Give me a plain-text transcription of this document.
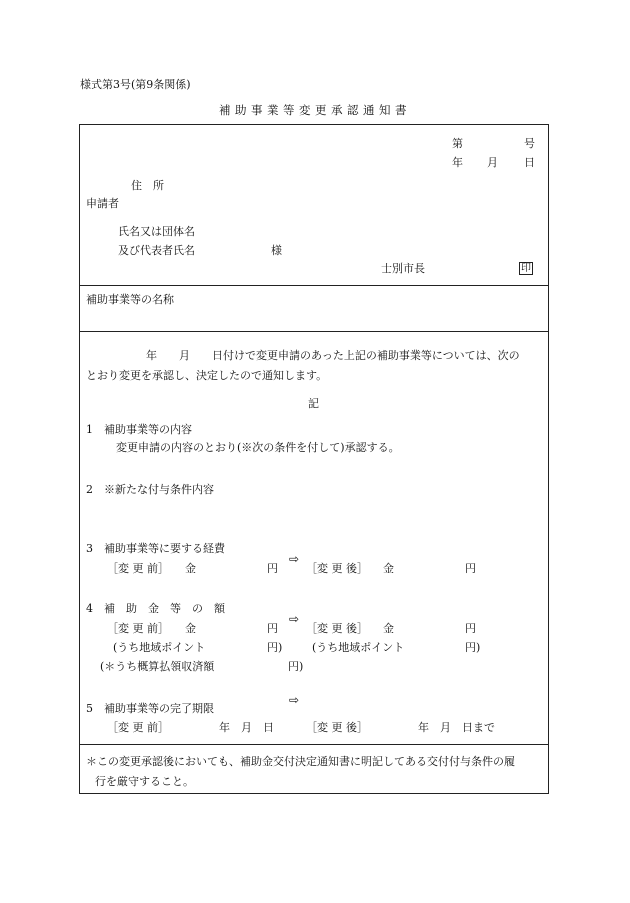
様式第3号(第9条関係)
補助事業等変更承認通知書
第	号
年 月 日
住　所
申請者
氏名又は団体名
及び代表者氏名	様
士別市長	印
補助事業等の名称
年　　月　　日付けで変更申請のあった上記の補助事業等については、次の
とおり変更を承認し、決定したので通知します。
記
1　補助事業等の内容
変更申請の内容のとおり(※次の条件を付して)承認する。
2　※新たな付与条件内容
3　補助事業等に要する経費
⇨
［変 更 前］ 金	円	［変 更 後］ 金	円
4　補　助　金　等　の　額
⇨
［変 更 前］ 金	円	［変 更 後］ 金	円
(うち地域ポイント	円)	(うち地域ポイント	円)
(＊うち概算払領収済額	円)
⇨
5　補助事業等の完了期限
［変 更 前］	年　月　日	［変 更 後］	年　月　日まで
＊この変更承認後においても、補助金交付決定通知書に明記してある交付付与条件の履
行を厳守すること。
